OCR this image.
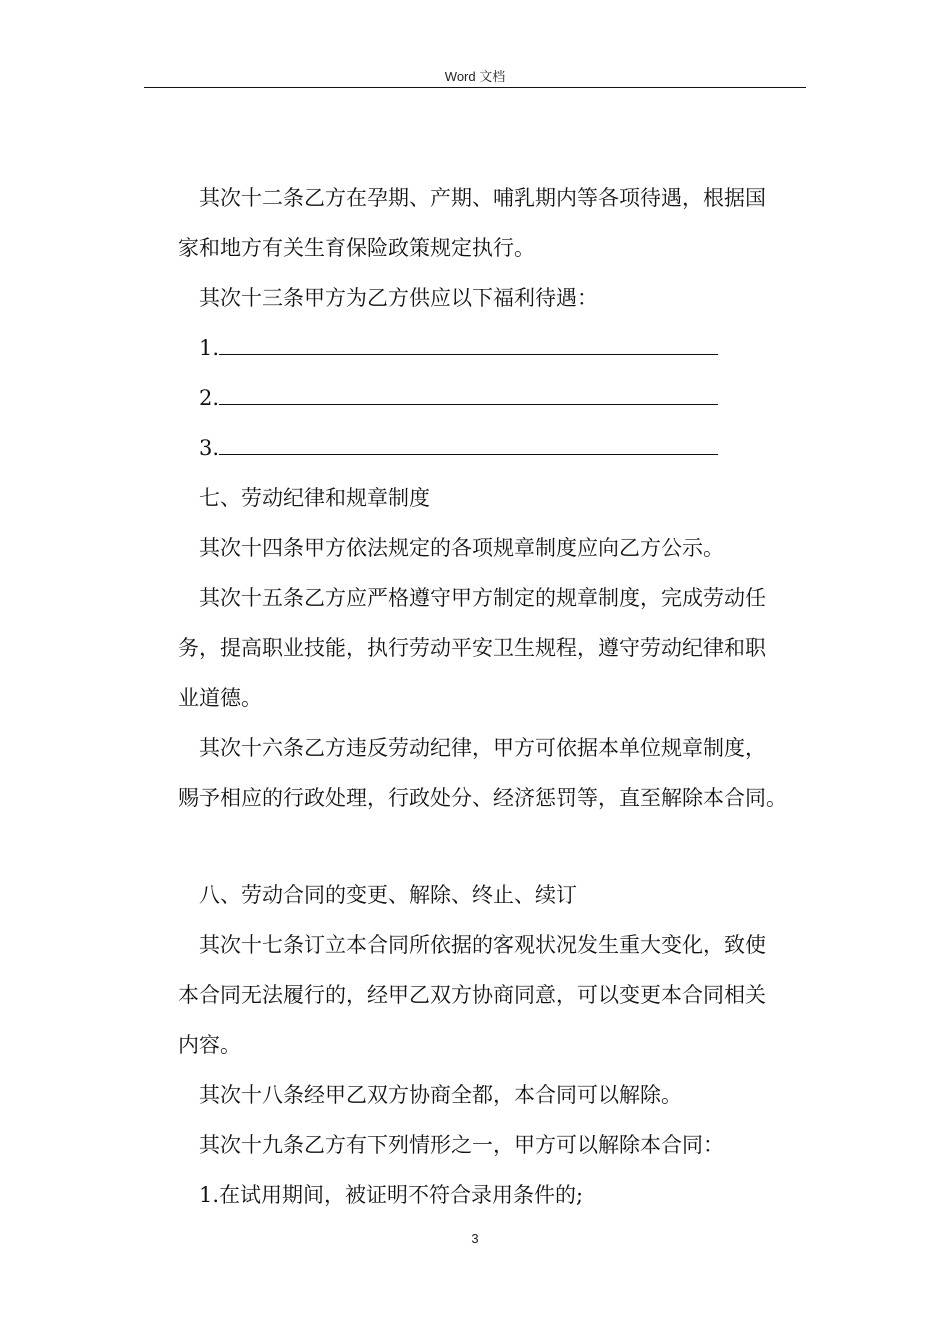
Word 文档

其次十二条乙方在孕期、产期、哺乳期内等各项待遇，根据国

家和地方有关生育保险政策规定执行。

其次十三条甲方为乙方供应以下福利待遇：

1.

2.

3.

七、劳动纪律和规章制度

其次十四条甲方依法规定的各项规章制度应向乙方公示。

其次十五条乙方应严格遵守甲方制定的规章制度，完成劳动任

务，提高职业技能，执行劳动平安卫生规程，遵守劳动纪律和职

业道德。

其次十六条乙方违反劳动纪律，甲方可依据本单位规章制度，

赐予相应的行政处理，行政处分、经济惩罚等，直至解除本合同。

八、劳动合同的变更、解除、终止、续订

其次十七条订立本合同所依据的客观状况发生重大变化，致使

本合同无法履行的，经甲乙双方协商同意，可以变更本合同相关

内容。

其次十八条经甲乙双方协商全都，本合同可以解除。

其次十九条乙方有下列情形之一，甲方可以解除本合同：

1.在试用期间，被证明不符合录用条件的;

3
